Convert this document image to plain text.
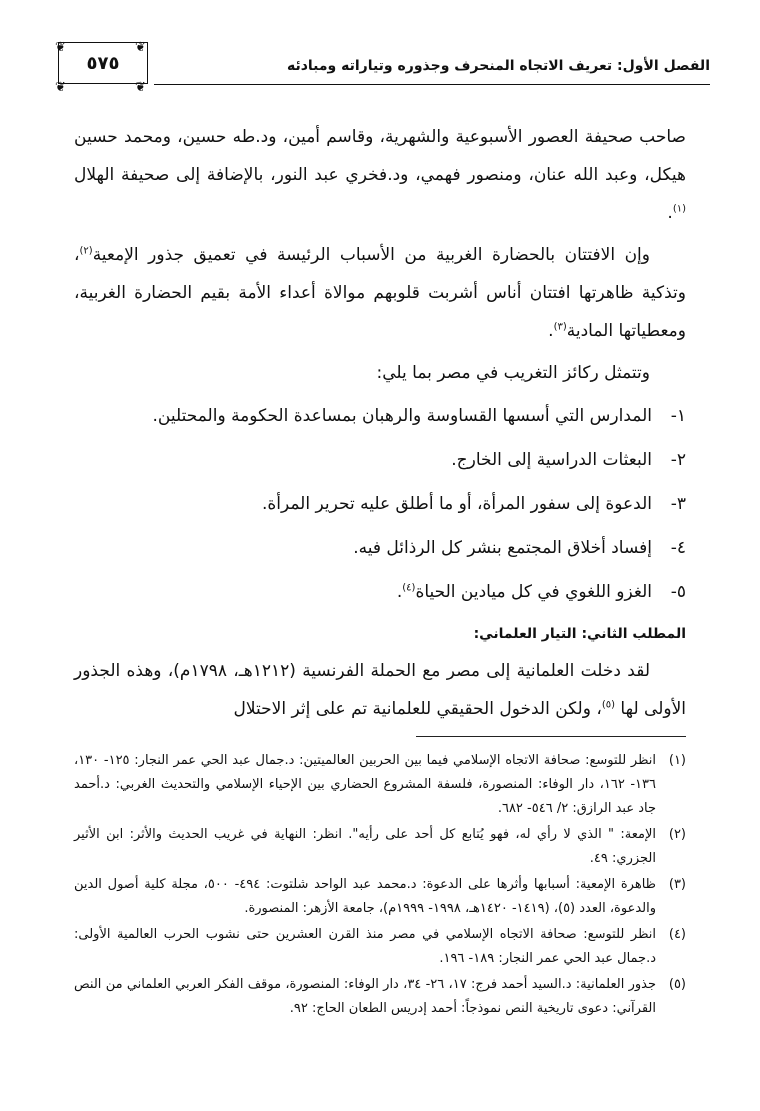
الفصل الأول: تعريف الاتجاه المنحرف وجذوره وتياراته ومبادئه
❦	❦
❦	❦
٥٧٥

صاحب صحيفة العصور الأسبوعية والشهرية، وقاسم أمين، ود.طه حسين، ومحمد حسين هيكل، وعبد الله عنان، ومنصور فهمي، ود.فخري عبد النور، بالإضافة إلى صحيفة الهلال $^{(١)}$.

وإن الافتتان بالحضارة الغربية من الأسباب الرئيسة في تعميق جذور الإمعية$^{(٢)}$، وتذكية ظاهرتها افتتان أناس أشربت قلوبهم موالاة أعداء الأمة بقيم الحضارة الغربية، ومعطياتها المادية$^{(٣)}$.

وتتمثل ركائز التغريب في مصر بما يلي:

١-
المدارس التي أسسها القساوسة والرهبان بمساعدة الحكومة والمحتلين.
٢-
البعثات الدراسية إلى الخارج.
٣-
الدعوة إلى سفور المرأة، أو ما أطلق عليه تحرير المرأة.
٤-
إفساد أخلاق المجتمع بنشر كل الرذائل فيه.
٥-
الغزو اللغوي في كل ميادين الحياة$^{(٤)}$.
المطلب الثاني: التيار العلماني:

لقد دخلت العلمانية إلى مصر مع الحملة الفرنسية (١٢١٢هـ، ١٧٩٨م)، وهذه الجذور الأولى لها $^{(٥)}$، ولكن الدخول الحقيقي للعلمانية تم على إثر الاحتلال

(١)
انظر للتوسع: صحافة الاتجاه الإسلامي فيما بين الحربين العالميتين: د.جمال عبد الحي عمر النجار: ١٢٥- ١٣٠، ١٣٦- ١٦٢، دار الوفاء: المنصورة، فلسفة المشروع الحضاري بين الإحياء الإسلامي والتحديث الغربي: د.أحمد جاد عبد الرازق: ٢/ ٥٤٦- ٦٨٢.
(٢)
الإمعة: " الذي لا رأي له، فهو يُتابع كل أحد على رأيه". انظر: النهاية في غريب الحديث والأثر: ابن الأثير الجزري: ٤٩.
(٣)
ظاهرة الإمعية: أسبابها وأثرها على الدعوة: د.محمد عبد الواحد شلتوت: ٤٩٤- ٥٠٠، مجلة كلية أصول الدين والدعوة، العدد (٥)، (١٤١٩- ١٤٢٠هـ، ١٩٩٨- ١٩٩٩م)، جامعة الأزهر: المنصورة.
(٤)
انظر للتوسع: صحافة الاتجاه الإسلامي في مصر منذ القرن العشرين حتى نشوب الحرب العالمية الأولى: د.جمال عبد الحي عمر النجار: ١٨٩- ١٩٦.
(٥)
جذور العلمانية: د.السيد أحمد فرج: ١٧، ٢٦- ٣٤، دار الوفاء: المنصورة، موقف الفكر العربي العلماني من النص القرآني: دعوى تاريخية النص نموذجاً: أحمد إدريس الطعان الحاج: ٩٢.
